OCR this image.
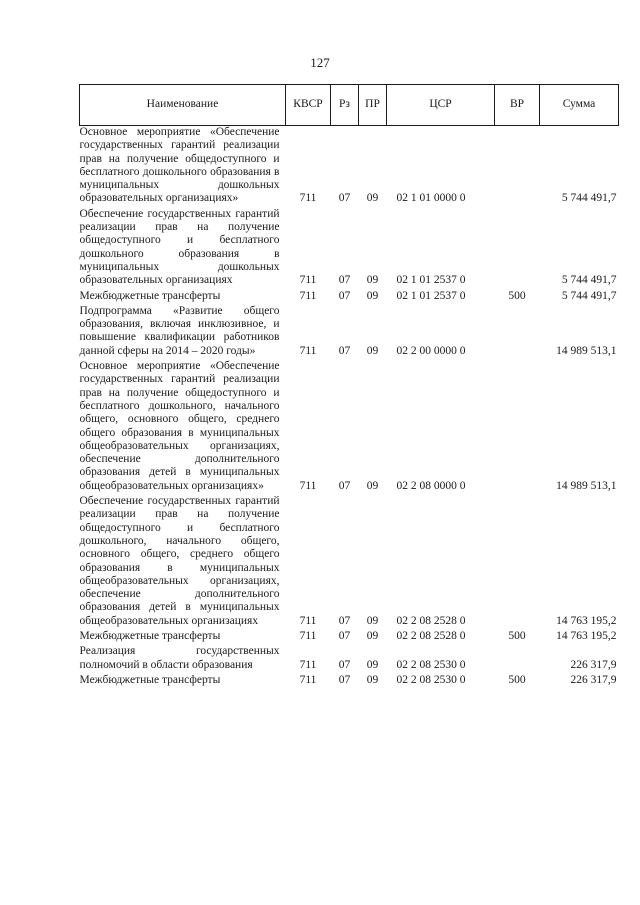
127
Наименование	КВСР	Рз	ПР	ЦСР	ВР	Сумма
Основное мероприятие «Обеспечение государственных гарантий реализации прав на получение общедоступного и бесплатного дошкольного образования в муниципальных дошкольных образовательных организациях»	711	07	09	02 1 01 0000 0		5 744 491,7
Обеспечение государственных гарантий реализации прав на получение общедоступного и бесплатного дошкольного образования в муниципальных дошкольных образовательных организациях	711	07	09	02 1 01 2537 0		5 744 491,7
Межбюджетные трансферты	711	07	09	02 1 01 2537 0	500	5 744 491,7
Подпрограмма «Развитие общего образования, включая инклюзивное, и повышение квалификации работников данной сферы на 2014 – 2020 годы»	711	07	09	02 2 00 0000 0		14 989 513,1
Основное мероприятие «Обеспечение государственных гарантий реализации прав на получение общедоступного и бесплатного дошкольного, начального общего, основного общего, среднего общего образования в муниципальных общеобразовательных организациях, обеспечение дополнительного образования детей в муниципальных общеобразовательных организациях»	711	07	09	02 2 08 0000 0		14 989 513,1
Обеспечение государственных гарантий реализации прав на получение общедоступного и бесплатного дошкольного, начального общего, основного общего, среднего общего образования в муниципальных общеобразовательных организациях, обеспечение дополнительного образования детей в муниципальных общеобразовательных организациях	711	07	09	02 2 08 2528 0		14 763 195,2
Межбюджетные трансферты	711	07	09	02 2 08 2528 0	500	14 763 195,2
Реализация государственных полномочий в области образования	711	07	09	02 2 08 2530 0		226 317,9
Межбюджетные трансферты	711	07	09	02 2 08 2530 0	500	226 317,9
